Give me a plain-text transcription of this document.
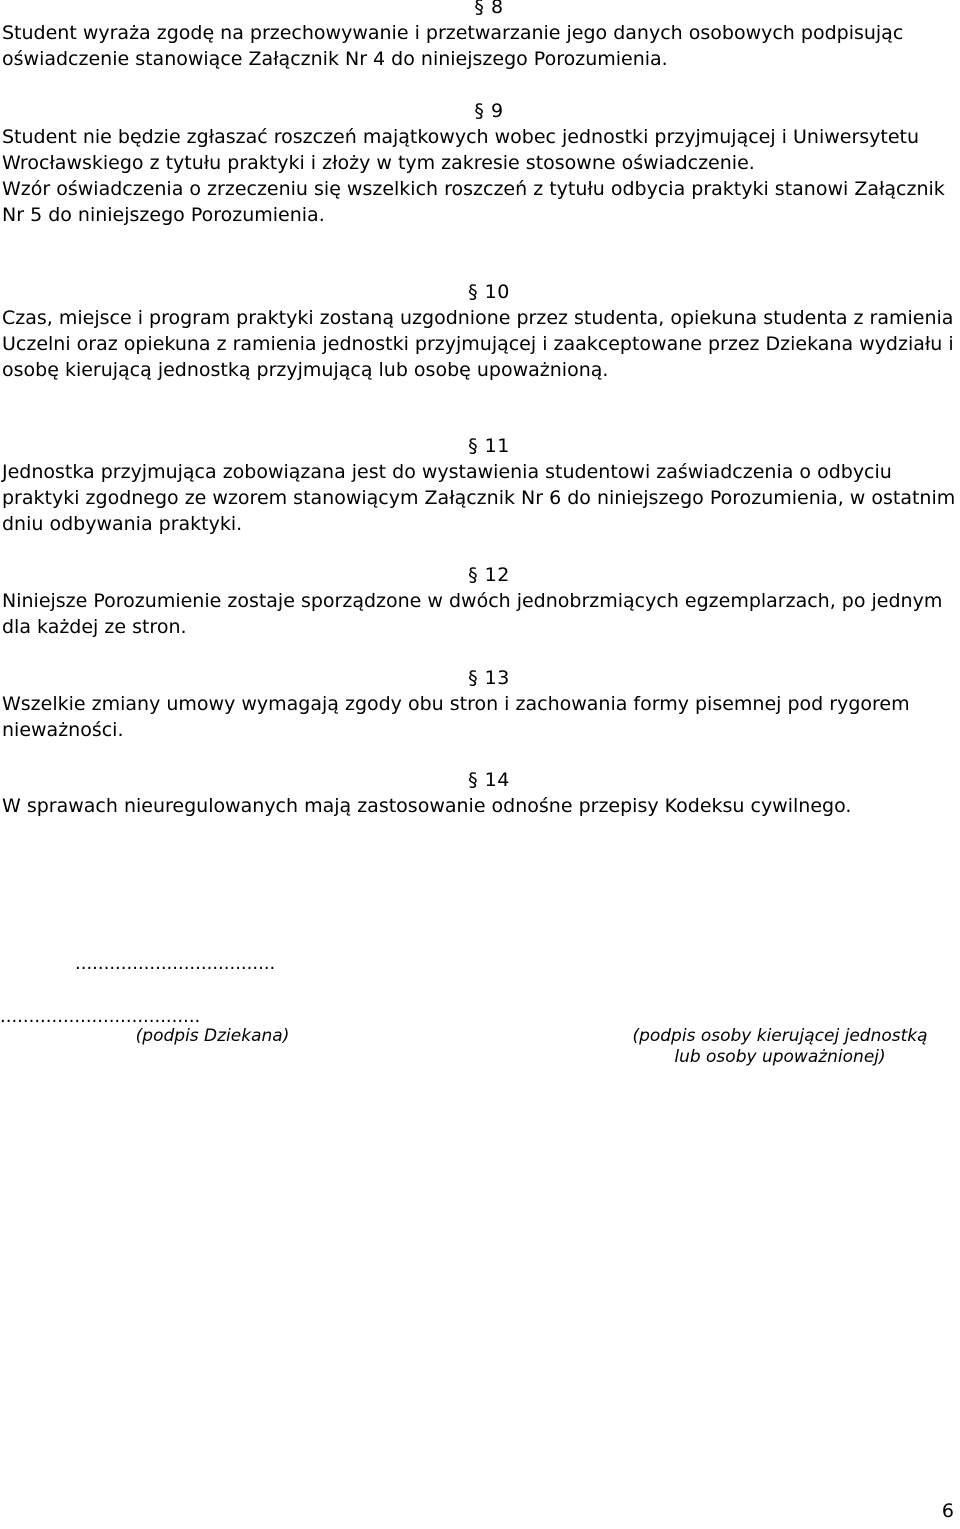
§ 8

Student wyraża zgodę na przechowywanie i przetwarzanie jego danych osobowych podpisując oświadczenie stanowiące Załącznik Nr 4 do niniejszego Porozumienia.

§ 9

Student nie będzie zgłaszać roszczeń majątkowych wobec jednostki przyjmującej i Uniwersytetu Wrocławskiego z tytułu praktyki i złoży w tym zakresie stosowne oświadczenie.

Wzór oświadczenia o zrzeczeniu się wszelkich roszczeń z tytułu odbycia praktyki stanowi Załącznik Nr 5 do niniejszego Porozumienia.

§ 10

Czas, miejsce i program praktyki zostaną uzgodnione przez studenta, opiekuna studenta z ramienia Uczelni oraz opiekuna z ramienia jednostki przyjmującej i zaakceptowane przez Dziekana wydziału i osobę kierującą jednostką przyjmującą lub osobę upoważnioną.

§ 11

Jednostka przyjmująca zobowiązana jest do wystawienia studentowi zaświadczenia o odbyciu praktyki zgodnego ze wzorem stanowiącym Załącznik Nr 6 do niniejszego Porozumienia, w ostatnim dniu odbywania praktyki.

§ 12

Niniejsze Porozumienie zostaje sporządzone w dwóch jednobrzmiących egzemplarzach, po jednym dla każdej ze stron.

§ 13

Wszelkie zmiany umowy wymagają zgody obu stron i zachowania formy pisemnej pod rygorem nieważności.

§ 14

W sprawach nieuregulowanych mają zastosowanie odnośne przepisy Kodeksu cywilnego.

...................................
...................................
(podpis Dziekana)	(podpis osoby kierującej jednostką
lub osoby upoważnionej)
6
